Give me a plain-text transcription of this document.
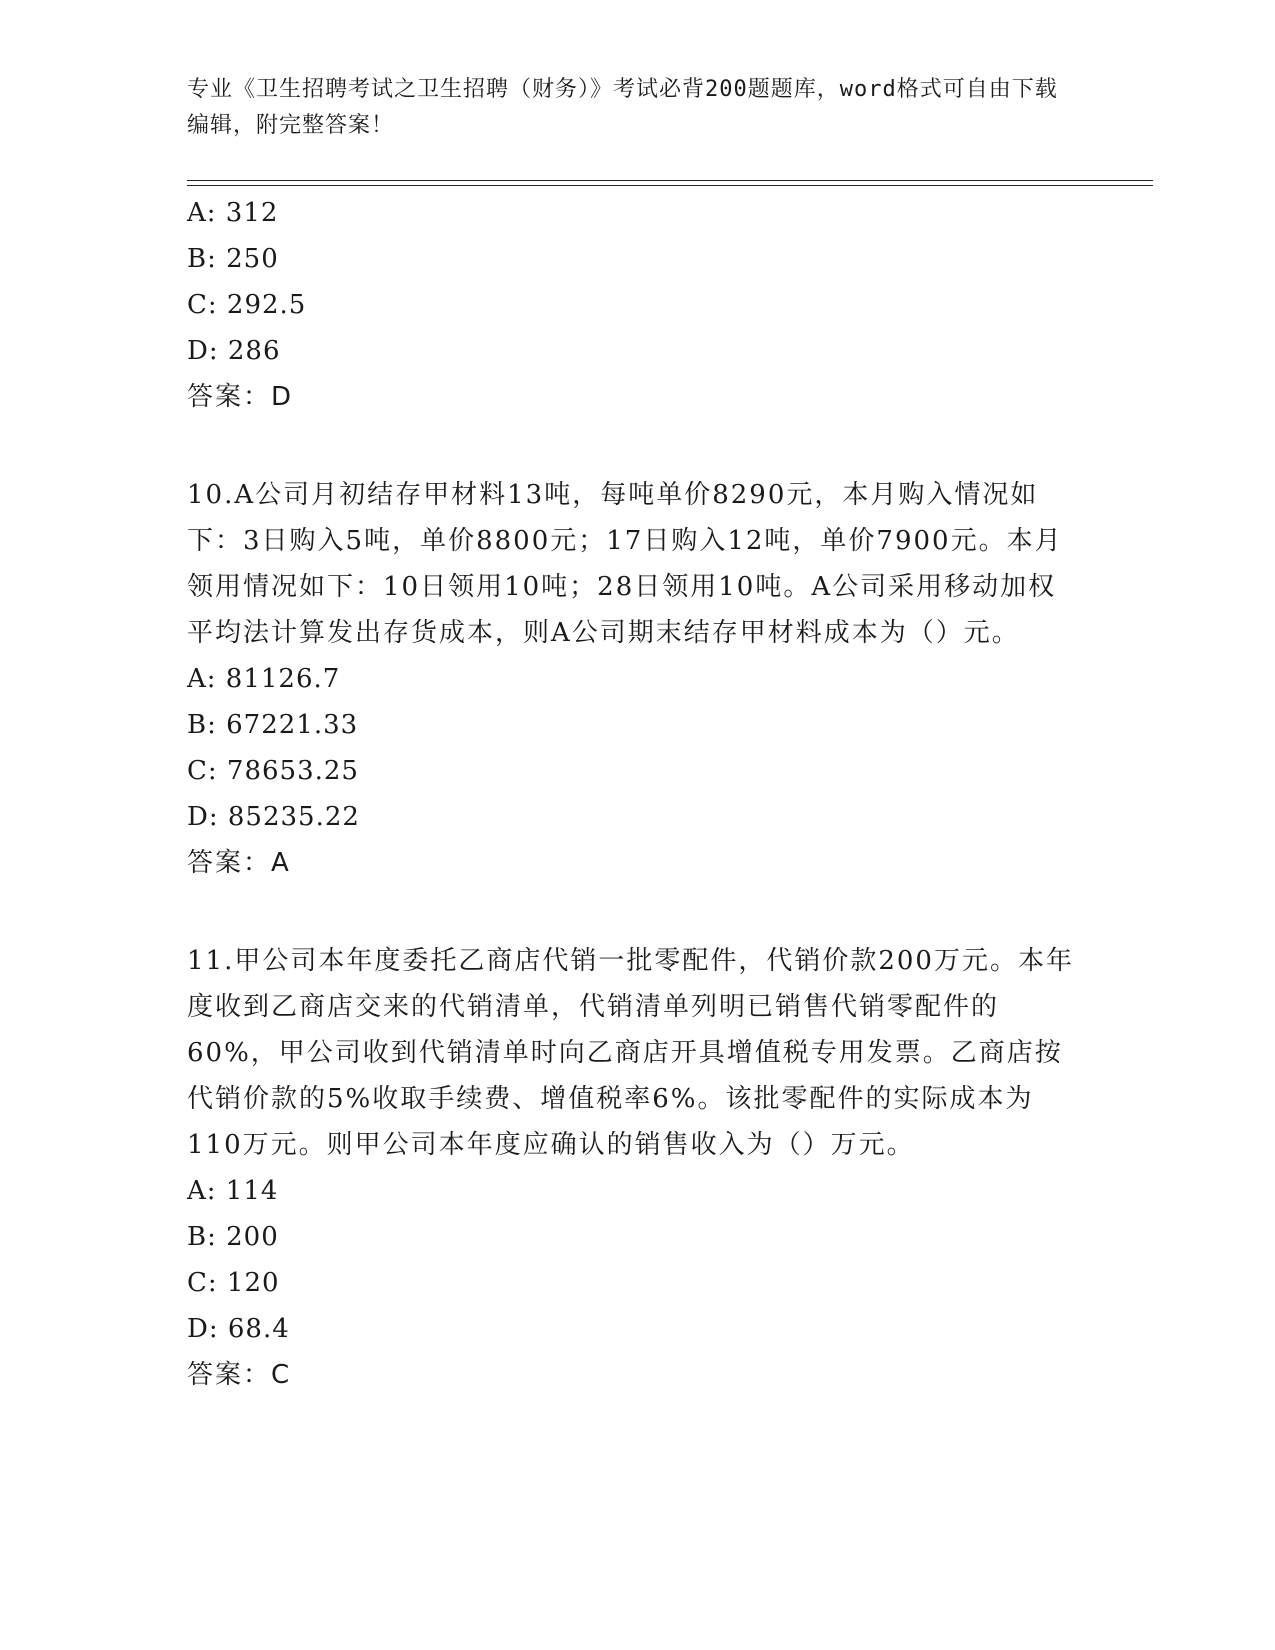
专业《卫生招聘考试之卫生招聘（财务）》考试必背200题题库，word格式可自由下载编辑，附完整答案！
A: 312
B: 250
C: 292.5
D: 286
答案：D
10.A公司月初结存甲材料13吨，每吨单价8290元，本月购入情况如下：3日购入5吨，单价8800元；17日购入12吨，单价7900元。本月领用情况如下：10日领用10吨；28日领用10吨。A公司采用移动加权平均法计算发出存货成本，则A公司期末结存甲材料成本为（）元。
A: 81126.7
B: 67221.33
C: 78653.25
D: 85235.22
答案：A
11.甲公司本年度委托乙商店代销一批零配件，代销价款200万元。本年度收到乙商店交来的代销清单，代销清单列明已销售代销零配件的60%，甲公司收到代销清单时向乙商店开具增值税专用发票。乙商店按代销价款的5%收取手续费、增值税率6%。该批零配件的实际成本为110万元。则甲公司本年度应确认的销售收入为（）万元。
A: 114
B: 200
C: 120
D: 68.4
答案：C
